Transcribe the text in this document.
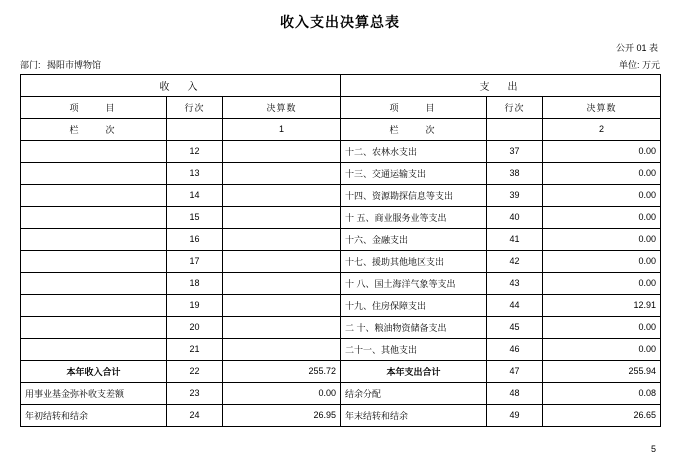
收入支出决算总表
公开 01 表
部门: 揭阳市博物馆	单位: 万元
收　入			支　出		
项　　目	行次	决算数	项　　目	行次	决算数
栏　　次		1	栏　　次		2
	12		十二、农林水支出	37	0.00
	13		十三、交通运输支出	38	0.00
	14		十四、资源勘探信息等支出	39	0.00
	15		十 五、商业服务业等支出	40	0.00
	16		十六、金融支出	41	0.00
	17		十七、援助其他地区支出	42	0.00
	18		十 八、国土海洋气象等支出	43	0.00
	19		十九、住房保障支出	44	12.91
	20		二 十、粮油物资储备支出	45	0.00
	21		二十一、其他支出	46	0.00
本年收入合计	22	255.72	本年支出合计	47	255.94
用事业基金弥补收支差额	23	0.00	结余分配	48	0.08
年初结转和结余	24	26.95	年末结转和结余	49	26.65
5
